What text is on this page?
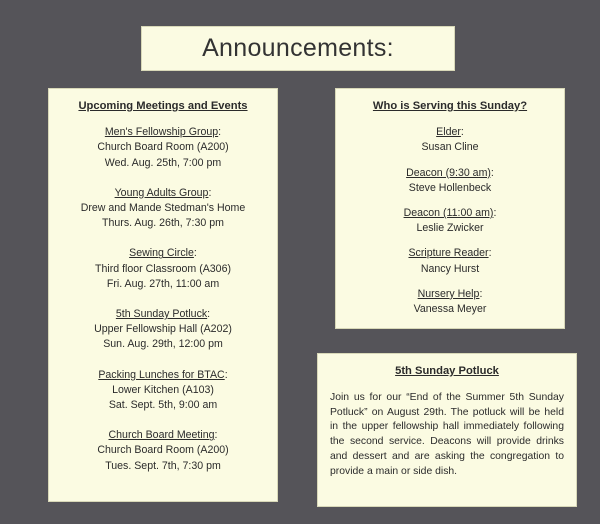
Announcements:
Upcoming Meetings and Events
Men's Fellowship Group:
Church Board Room (A200)
Wed. Aug. 25th, 7:00 pm
Young Adults Group:
Drew and Mande Stedman's Home
Thurs. Aug. 26th, 7:30 pm
Sewing Circle:
Third floor Classroom (A306)
Fri. Aug. 27th, 11:00 am
5th Sunday Potluck:
Upper Fellowship Hall (A202)
Sun. Aug. 29th, 12:00 pm
Packing Lunches for BTAC:
Lower Kitchen (A103)
Sat. Sept. 5th, 9:00 am
Church Board Meeting:
Church Board Room (A200)
Tues. Sept. 7th, 7:30 pm
Who is Serving this Sunday?
Elder:
Susan Cline
Deacon (9:30 am):
Steve Hollenbeck
Deacon (11:00 am):
Leslie Zwicker
Scripture Reader:
Nancy Hurst
Nursery Help:
Vanessa Meyer
5th Sunday Potluck
Join us for our “End of the Summer 5th Sunday Potluck” on August 29th. The potluck will be held in the upper fellowship hall immediately following the second service. Deacons will provide drinks and dessert and are asking the congregation to provide a main or side dish.
